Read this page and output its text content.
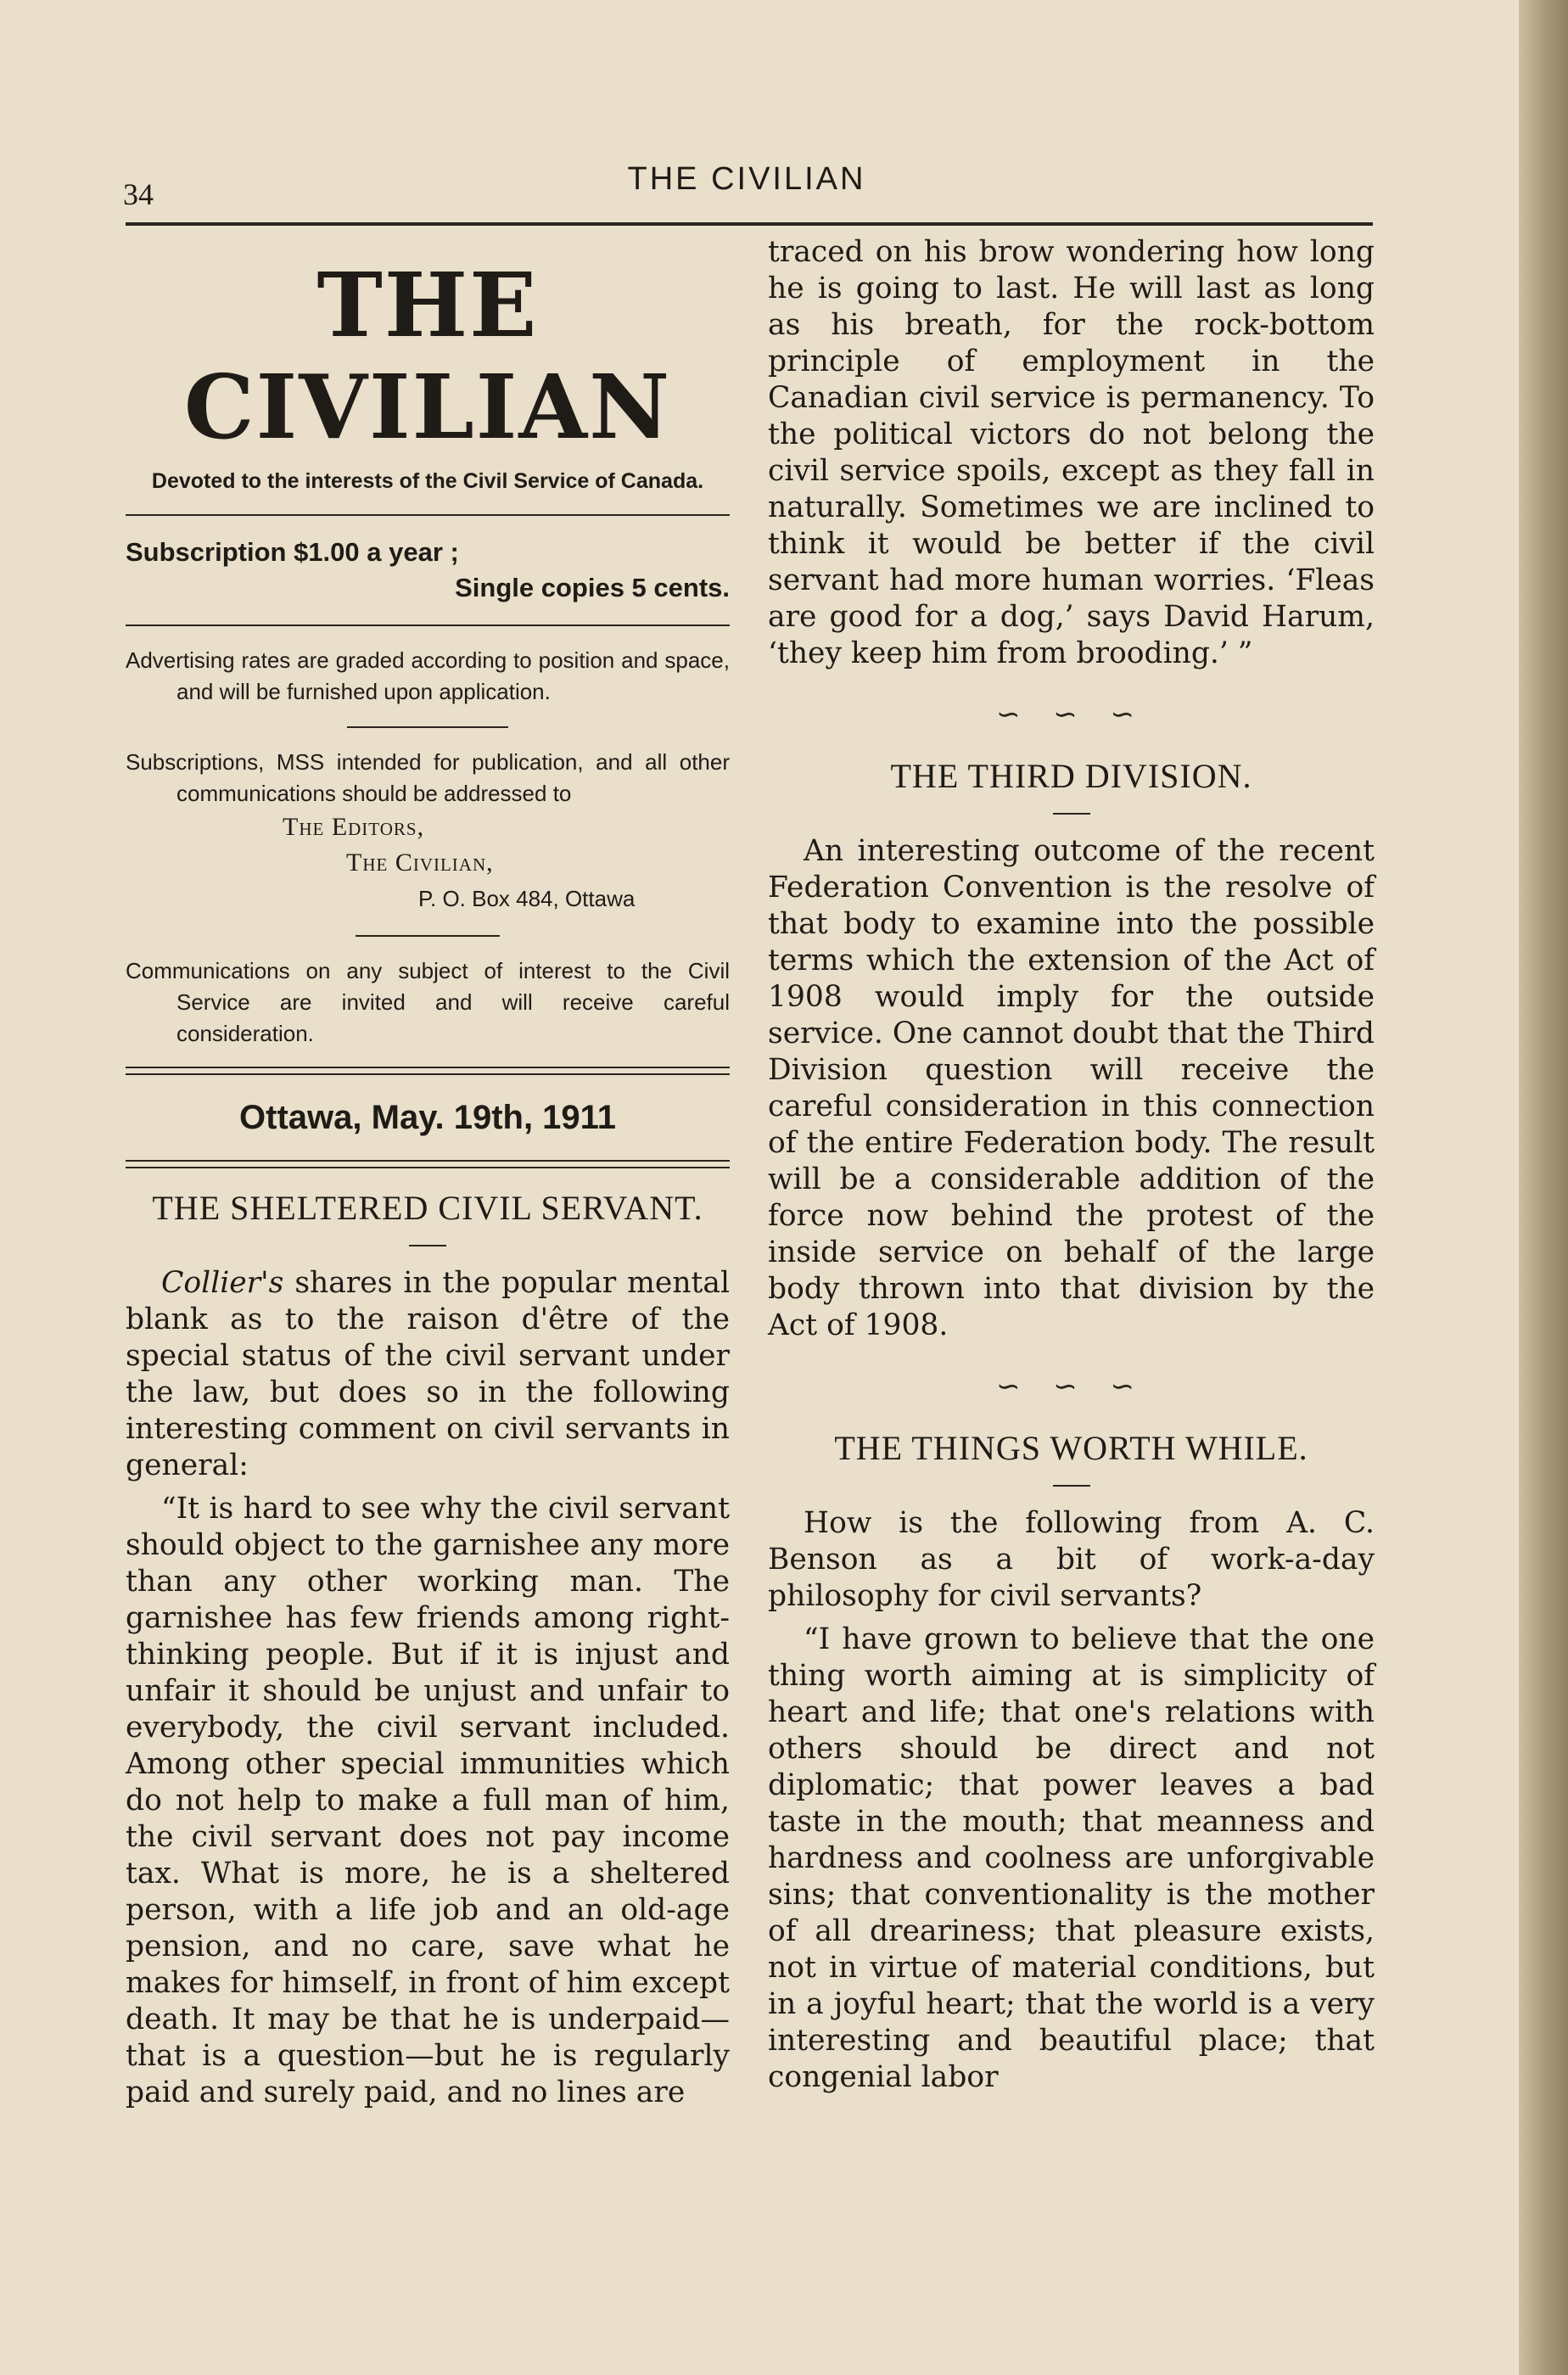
34	THE CIVILIAN
THE CIVILIAN
Devoted to the interests of the Civil Service of Canada.
Subscription $1.00 a year ;
Single copies 5 cents.
Advertising rates are graded according to position and space, and will be furnished upon application.
Subscriptions, MSS intended for publication, and all other communications should be addressed to
The Editors,
The Civilian,
P. O. Box 484, Ottawa
Communications on any subject of interest to the Civil Service are invited and will receive careful consideration.
Ottawa, May. 19th, 1911
THE SHELTERED CIVIL SERVANT.

Collier's shares in the popular mental blank as to the raison d'être of the special status of the civil servant under the law, but does so in the following interesting comment on civil servants in general:

“It is hard to see why the civil servant should object to the garnishee any more than any other working man. The garnishee has few friends among right-thinking people. But if it is injust and unfair it should be unjust and unfair to everybody, the civil servant included. Among other special immunities which do not help to make a full man of him, the civil servant does not pay income tax. What is more, he is a sheltered person, with a life job and an old-age pension, and no care, save what he makes for himself, in front of him except death. It may be that he is underpaid—that is a question—but he is regularly paid and surely paid, and no lines are

traced on his brow wondering how long he is going to last. He will last as long as his breath, for the rock-bottom principle of employment in the Canadian civil service is permanency. To the political victors do not belong the civil service spoils, except as they fall in naturally. Sometimes we are inclined to think it would be better if the civil servant had more human worries. ‘Fleas are good for a dog,’ says David Harum, ‘they keep him from brooding.’ ”

∽ ∽ ∽
THE THIRD DIVISION.

An interesting outcome of the recent Federation Convention is the resolve of that body to examine into the possible terms which the extension of the Act of 1908 would imply for the outside service. One cannot doubt that the Third Division question will receive the careful consideration in this connection of the entire Federation body. The result will be a considerable addition of the force now behind the protest of the inside service on behalf of the large body thrown into that division by the Act of 1908.

∽ ∽ ∽
THE THINGS WORTH WHILE.

How is the following from A. C. Benson as a bit of work-a-day philosophy for civil servants?

“I have grown to believe that the one thing worth aiming at is simplicity of heart and life; that one's relations with others should be direct and not diplomatic; that power leaves a bad taste in the mouth; that meanness and hardness and coolness are unforgivable sins; that conventionality is the mother of all dreariness; that pleasure exists, not in virtue of material conditions, but in a joyful heart; that the world is a very interesting and beautiful place; that congenial labor
